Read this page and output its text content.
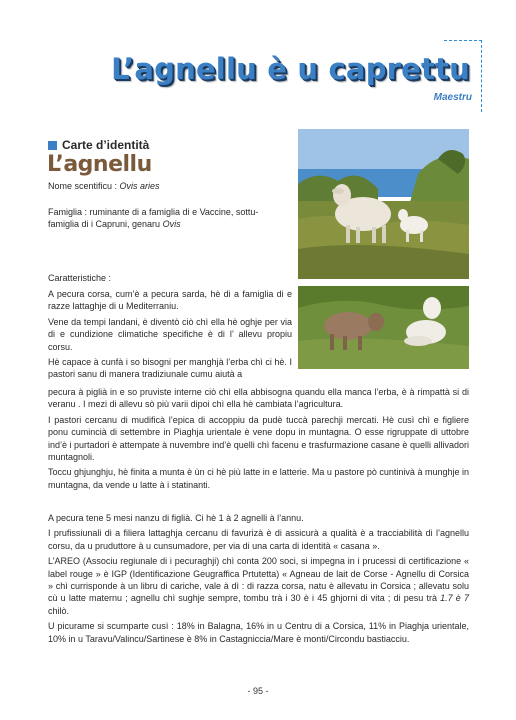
L’agnellu è u caprettu
Maestru
Carte d’identità
L’agnellu
Nome scentificu : Ovis aries
Famiglia : ruminante di a famiglia di e Vaccine, sottu-famiglia di i Capruni, genaru Ovis
Caratteristiche :

A pecura corsa, cum’è a pecura sarda, hè di a famiglia di e razze lattaghje di u Mediterraniu.

Vene da tempi landani, è diventò ciò chì ella hè oghje per via di e cundizione climatiche specifiche è di l’ allevu propiu corsu.

Hè capace à cunfà i so bisogni per manghjà l’erba chì ci hè. I pastori sanu di manera tradiziunale cumu aiutà a

pecura à piglià in e so pruviste interne ciò chì ella abbisogna quandu ella manca l’erba, è à rimpattà si di veranu . I mezi di allevu sò più varii dipoi chì ella hè cambiata l’agricultura.

I pastori cercanu di mudificà l’epica di accoppiu da pudè tuccà parechji mercati. Hè cusì chì e figliere ponu cumincià di settembre in Piaghja urientale è vene dopu in muntagna. O esse rigruppate di uttobre ind’è i purtadori è attempate à nuvembre ind’è quelli chì facenu e trasfurmazione casane è quelli allivadori muntagnoli.

Toccu ghjunghju, hè finita a munta è ùn ci hè più latte in e latterie. Ma u pastore pò cuntinivà à munghje in muntagna, da vende u latte à i statinanti.

A pecura tene 5 mesi nanzu di figlià. Ci hè 1 à 2 agnelli à l’annu.

I prufissiunali di a filiera lattaghja cercanu di favurizà è di assicurà a qualità è a tracciabilità di l’agnellu corsu, da u pruduttore à u cunsumadore, per via di una carta di identità « casana ».

L’AREO (Associu regiunale di i pecuraghji) chì conta 200 soci, si impegna in i prucessi di certificazione « label rouge » è IGP (Identificazione Geugraffica Prtutetta) « Agneau de lait de Corse - Agnellu di Corsica » chì currisponde à un libru di cariche, vale à dì : di razza corsa, natu è allevatu in Corsica ; allevatu solu cù u latte maternu ; agnellu chì sughje sempre, tombu trà i 30 è i 45 ghjorni di vita ; di pesu trà 1.7 è 7 chilò.

U picurame si scumparte cusì : 18% in Balagna, 16% in u Centru di a Corsica, 11% in Piaghja urientale, 10% in u Taravu/Valincu/Sartinese è 8% in Castagniccia/Mare è monti/Circondu bastiacciu.

- 95 -
